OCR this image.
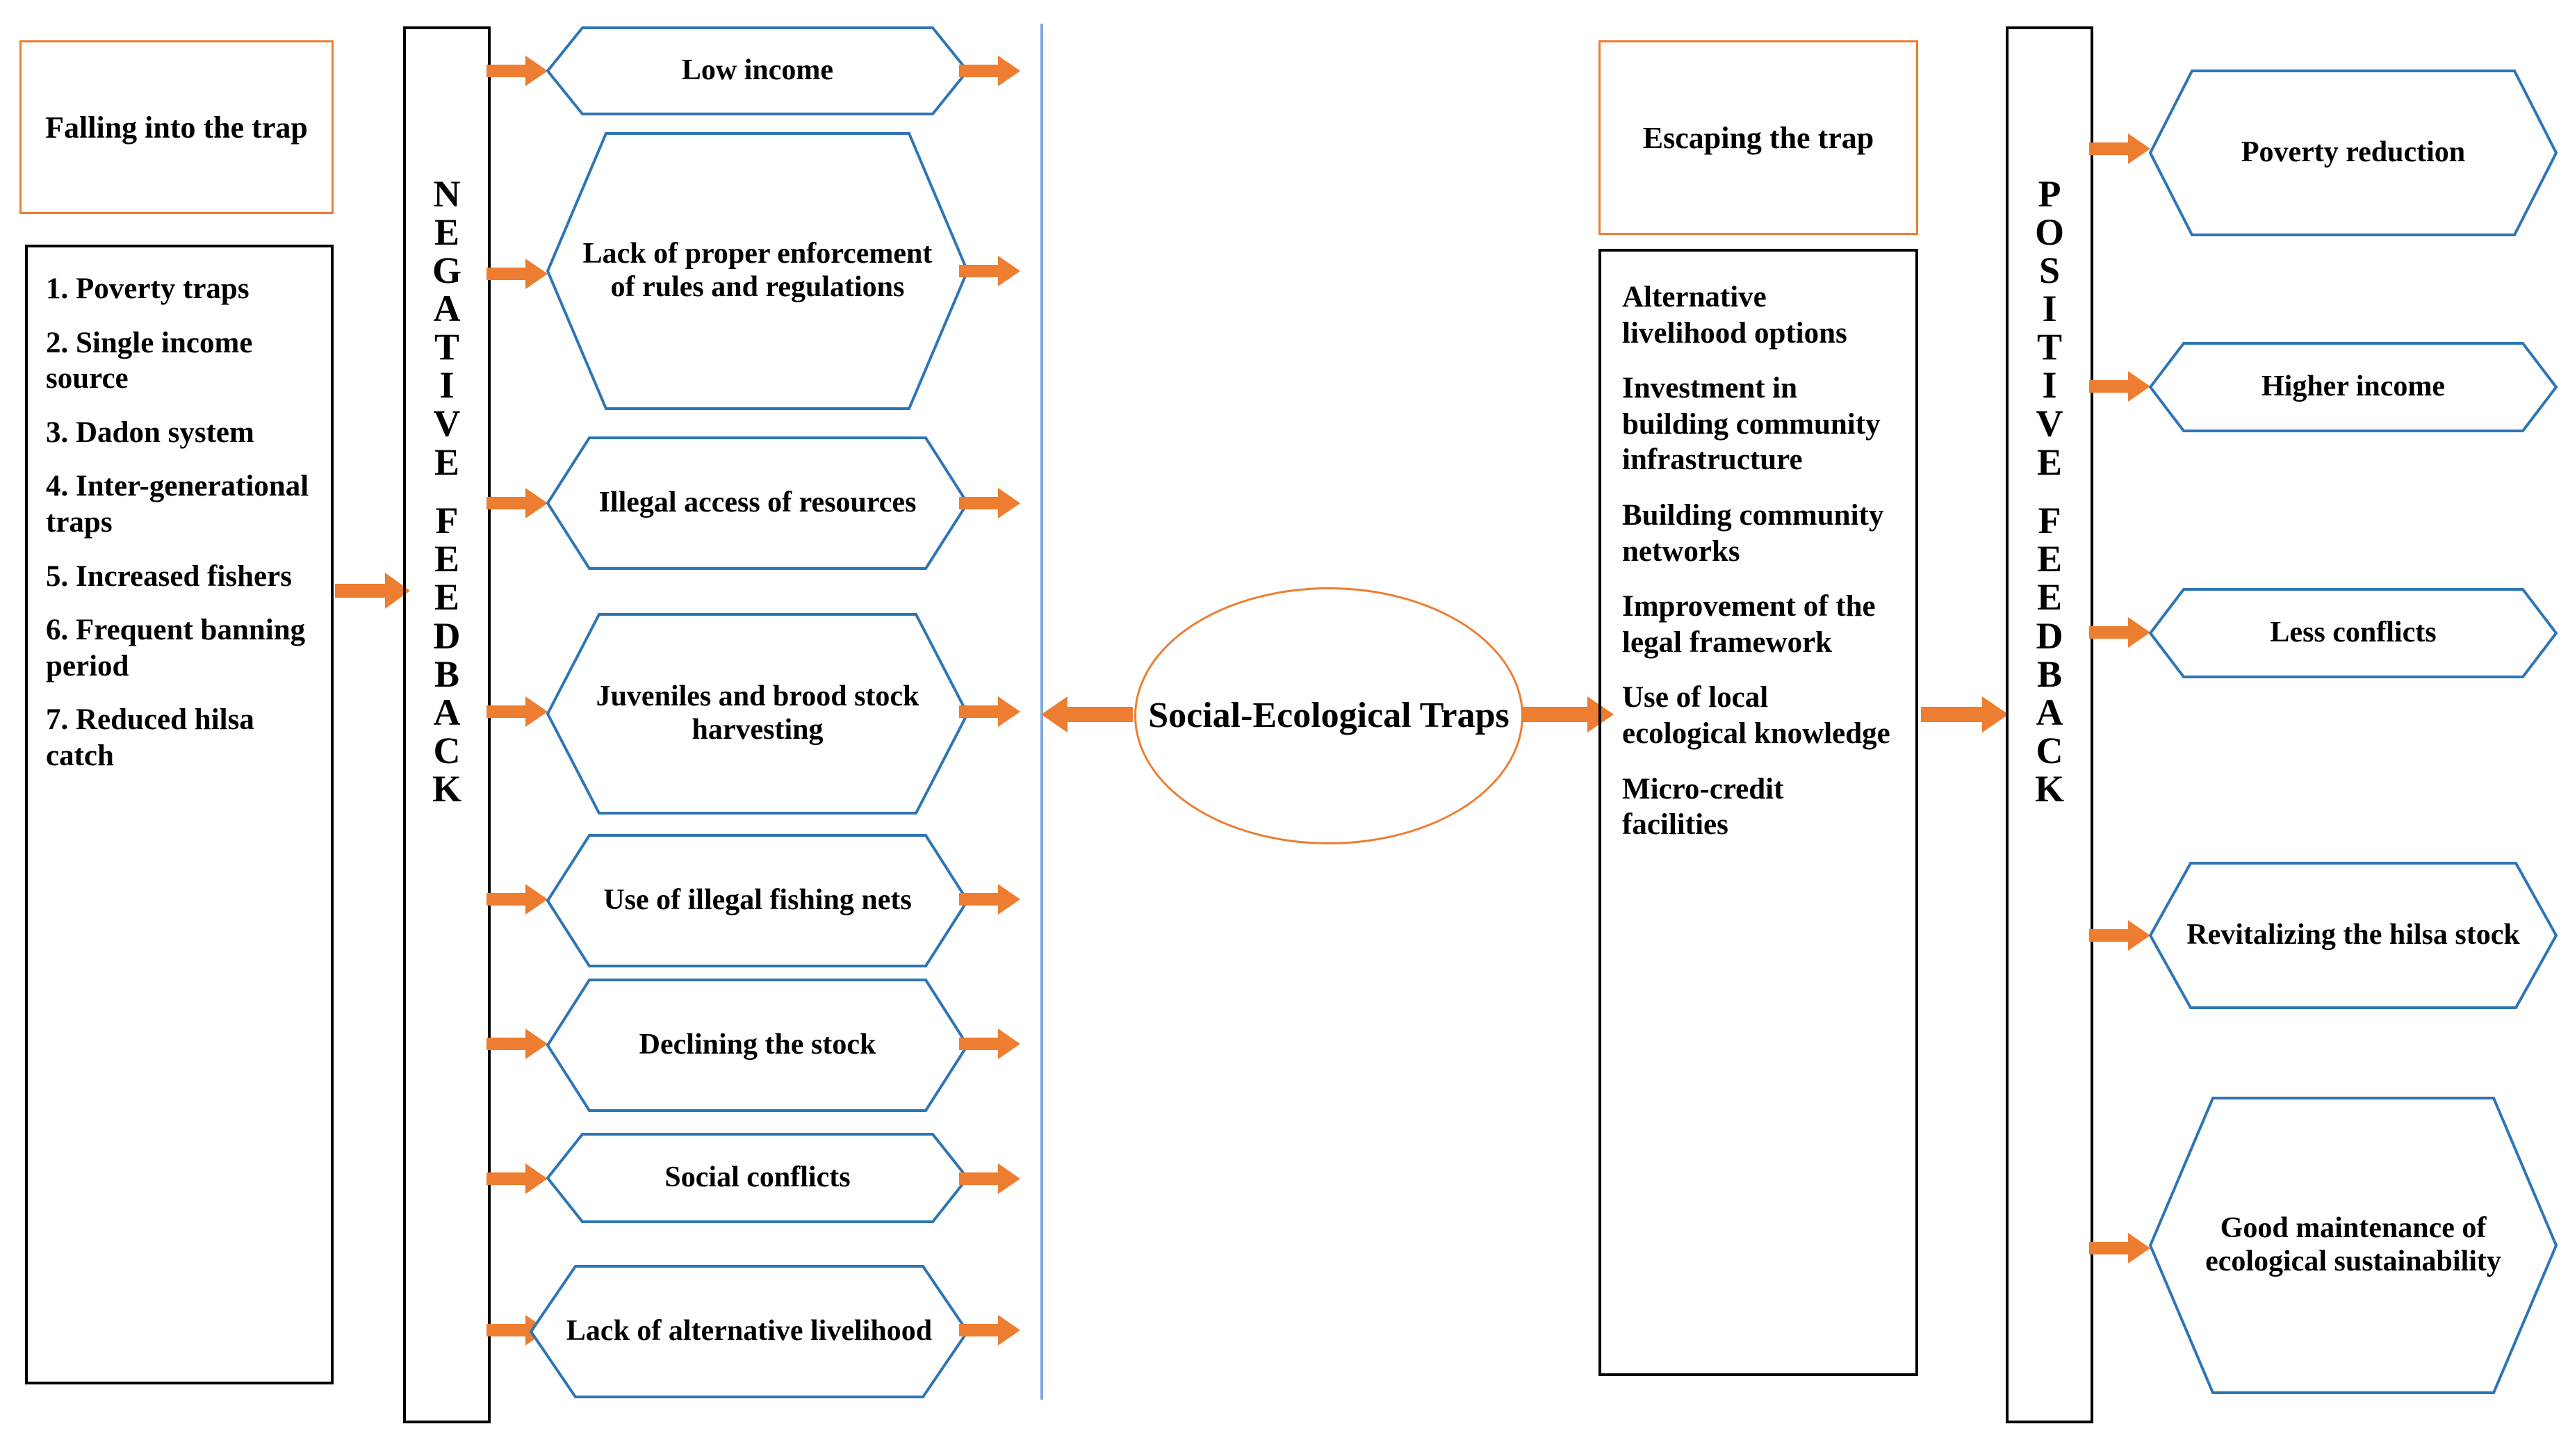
Falling into the trap
1. Poverty traps
2. Single income source
3. Dadon system
4. Inter-generational traps
5. Increased fishers
6. Frequent banning period
7. Reduced hilsa catch
N
E
G
A
T
I
V
E
F
E
E
D
B
A
C
K
Low income
Lack of proper enforcement of rules and regulations
Illegal access of resources
Juveniles and brood stock harvesting
Use of illegal fishing nets
Declining the stock
Social conflicts
Lack of alternative livelihood
Social-Ecological Traps
Escaping the trap
Alternative livelihood options
Investment in building community infrastructure
Building community networks
Improvement of the legal framework
Use of local ecological knowledge
Micro-credit facilities
P
O
S
I
T
I
V
E
F
E
E
D
B
A
C
K
Poverty reduction
Higher income
Less conflicts
Revitalizing the hilsa stock
Good maintenance of ecological sustainability
